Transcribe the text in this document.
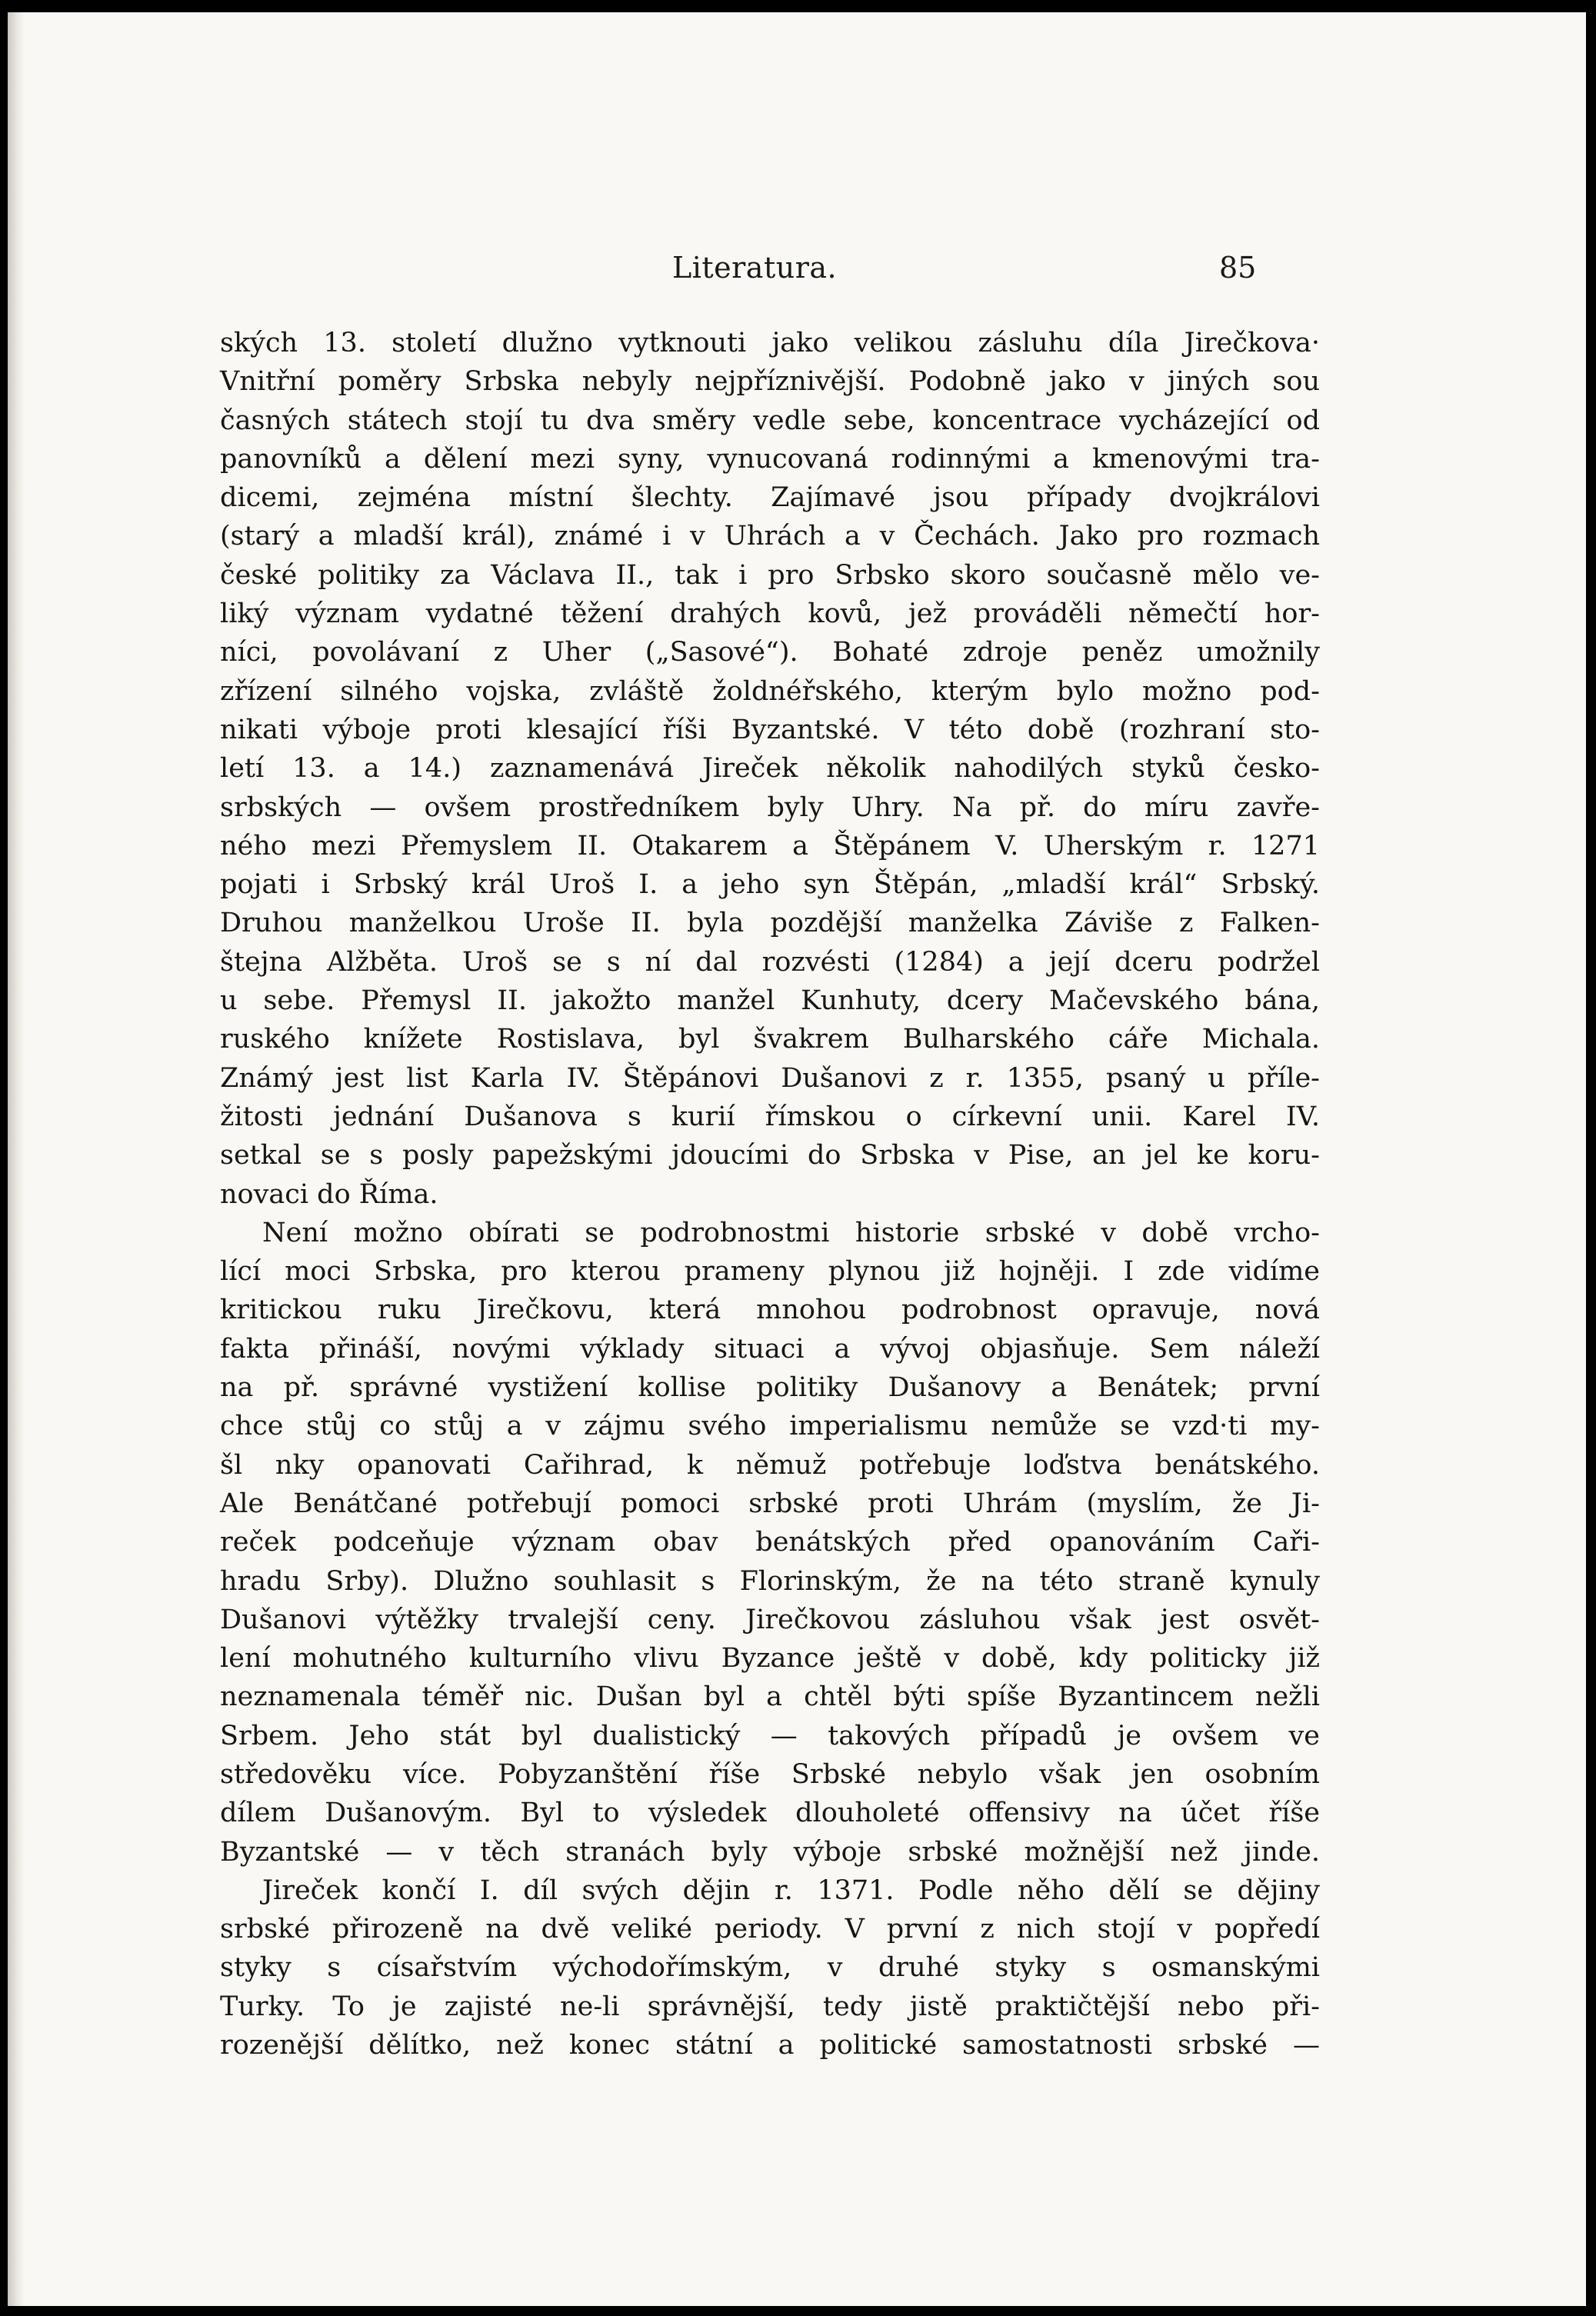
Literatura.	85
ských 13. století dlužno vytknouti jako velikou zásluhu díla Jirečkova·
Vnitřní poměry Srbska nebyly nejpříznivější. Podobně jako v jiných sou
časných státech stojí tu dva směry vedle sebe, koncentrace vycházející od
panovníků a dělení mezi syny, vynucovaná rodinnými a kmenovými tra-
dicemi, zejména místní šlechty. Zajímavé jsou případy dvojkrálovi
(starý a mladší král), známé i v Uhrách a v Čechách. Jako pro rozmach
české politiky za Václava II., tak i pro Srbsko skoro současně mělo ve-
liký význam vydatné těžení drahých kovů, jež prováděli němečtí hor-
níci, povolávaní z Uher („Sasové“). Bohaté zdroje peněz umožnily
zřízení silného vojska, zvláště žoldnéřského, kterým bylo možno pod-
nikati výboje proti klesající říši Byzantské. V této době (rozhraní sto-
letí 13. a 14.) zaznamenává Jireček několik nahodilých styků česko-
srbských — ovšem prostředníkem byly Uhry. Na př. do míru zavře-
ného mezi Přemyslem II. Otakarem a Štěpánem V. Uherským r. 1271
pojati i Srbský král Uroš I. a jeho syn Štěpán, „mladší král“ Srbský.
Druhou manželkou Uroše II. byla pozdější manželka Záviše z Falken-
štejna Alžběta. Uroš se s ní dal rozvésti (1284) a její dceru podržel
u sebe. Přemysl II. jakožto manžel Kunhuty, dcery Mačevského bána,
ruského knížete Rostislava, byl švakrem Bulharského cáře Michala.
Známý jest list Karla IV. Štěpánovi Dušanovi z r. 1355, psaný u příle-
žitosti jednání Dušanova s kurií římskou o církevní unii. Karel IV.
setkal se s posly papežskými jdoucími do Srbska v Pise, an jel ke koru-
novaci do Říma.
Není možno obírati se podrobnostmi historie srbské v době vrcho-
lící moci Srbska, pro kterou prameny plynou již hojněji. I zde vidíme
kritickou ruku Jirečkovu, která mnohou podrobnost opravuje, nová
fakta přináší, novými výklady situaci a vývoj objasňuje. Sem náleží
na př. správné vystižení kollise politiky Dušanovy a Benátek; první
chce stůj co stůj a v zájmu svého imperialismu nemůže se vzd·ti my-
šl nky opanovati Cařihrad, k němuž potřebuje loďstva benátského.
Ale Benátčané potřebují pomoci srbské proti Uhrám (myslím, že Ji-
reček podceňuje význam obav benátských před opanováním Caři-
hradu Srby). Dlužno souhlasit s Florinským, že na této straně kynuly
Dušanovi výtěžky trvalejší ceny. Jirečkovou zásluhou však jest osvět-
lení mohutného kulturního vlivu Byzance ještě v době, kdy politicky již
neznamenala téměř nic. Dušan byl a chtěl býti spíše Byzantincem nežli
Srbem. Jeho stát byl dualistický — takových případů je ovšem ve
středověku více. Pobyzanštění říše Srbské nebylo však jen osobním
dílem Dušanovým. Byl to výsledek dlouholeté offensivy na účet říše
Byzantské — v těch stranách byly výboje srbské možnější než jinde.
Jireček končí I. díl svých dějin r. 1371. Podle něho dělí se dějiny
srbské přirozeně na dvě veliké periody. V první z nich stojí v popředí
styky s císařstvím východořímským, v druhé styky s osmanskými
Turky. To je zajisté ne-li správnější, tedy jistě praktičtější nebo při-
rozenější dělítko, než konec státní a politické samostatnosti srbské —
